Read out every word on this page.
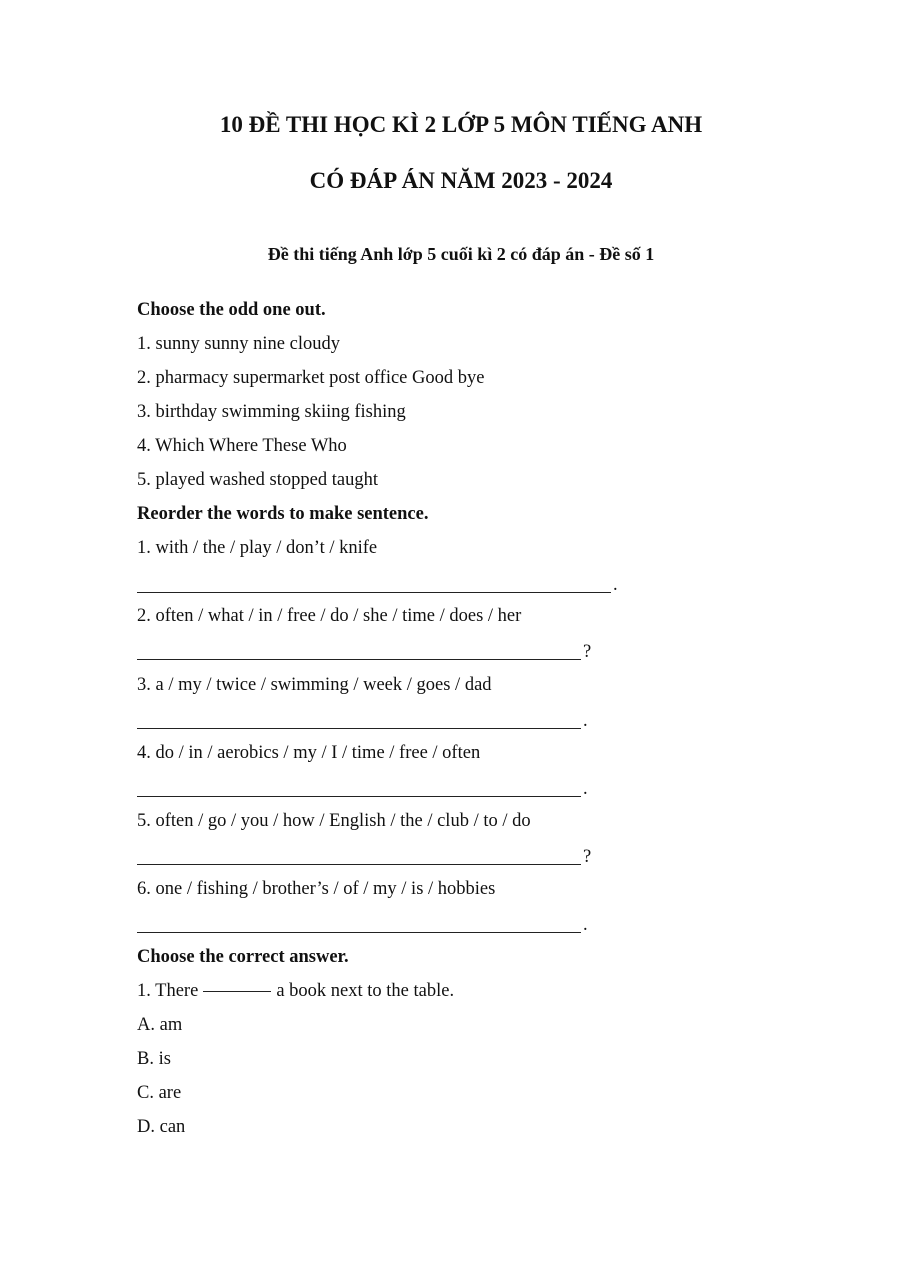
10 ĐỀ THI HỌC KÌ 2 LỚP 5 MÔN TIẾNG ANH
CÓ ĐÁP ÁN NĂM 2023 - 2024
Đề thi tiếng Anh lớp 5 cuối kì 2 có đáp án - Đề số 1

Choose the odd one out.

1. sunny sunny nine cloudy

2. pharmacy supermarket post office Good bye

3. birthday swimming skiing fishing

4. Which Where These Who

5. played washed stopped taught

Reorder the words to make sentence.

1. with / the / play / don’t / knife

.

2. often / what / in / free / do / she / time / does / her

?

3. a / my / twice / swimming / week / goes / dad

.

4. do / in / aerobics / my / I / time / free / often

.

5. often / go / you / how / English / the / club / to / do

?

6. one / fishing / brother’s / of / my / is / hobbies

.

Choose the correct answer.

1. There	a book next to the table.

A. am

B. is

C. are

D. can
